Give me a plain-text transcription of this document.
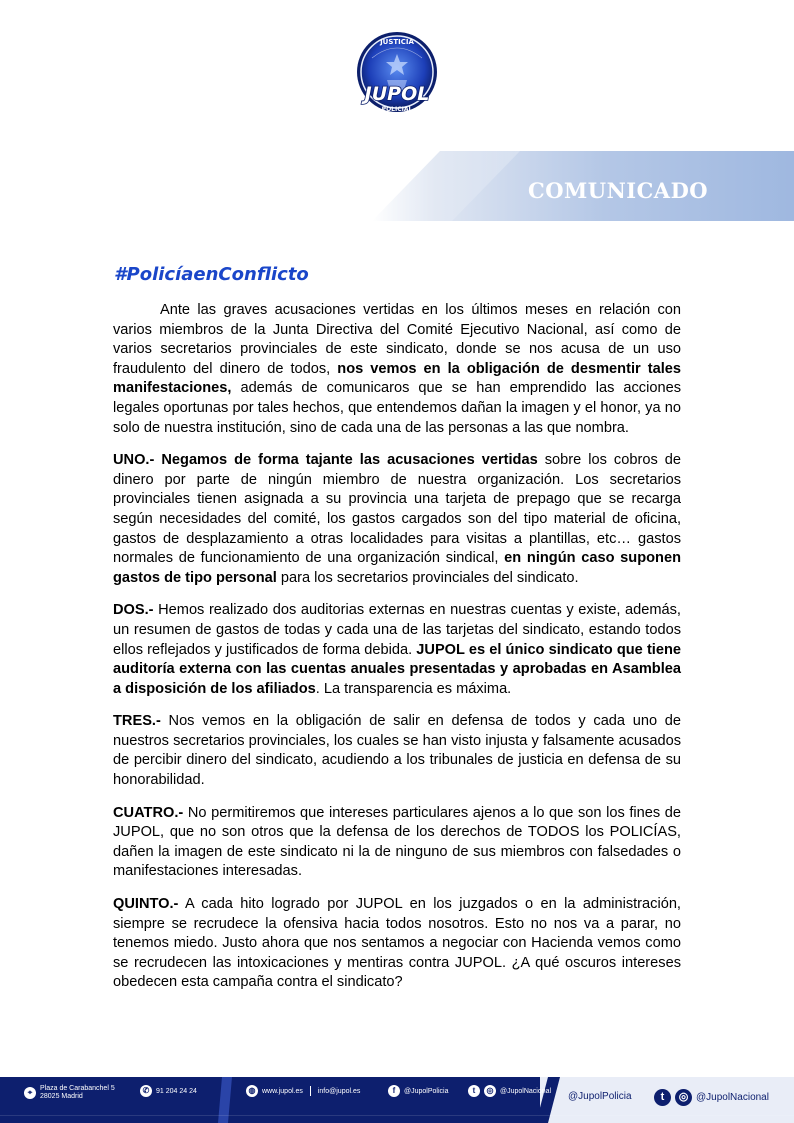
JUSTICIA
JUPOL
POLICIAL
COMUNICADO
#PolicíaenConflicto

Ante las graves acusaciones vertidas en los últimos meses en relación con varios miembros de la Junta Directiva del Comité Ejecutivo Nacional, así como de varios secretarios provinciales de este sindicato, donde se nos acusa de un uso fraudulento del dinero de todos, nos vemos en la obligación de desmentir tales manifestaciones, además de comunicaros que se han emprendido las acciones legales oportunas por tales hechos, que entendemos dañan la imagen y el honor, ya no solo de nuestra institución, sino de cada una de las personas a las que nombra.

UNO.- Negamos de forma tajante las acusaciones vertidas sobre los cobros de dinero por parte de ningún miembro de nuestra organización. Los secretarios provinciales tienen asignada a su provincia una tarjeta de prepago que se recarga según necesidades del comité, los gastos cargados son del tipo material de oficina, gastos de desplazamiento a otras localidades para visitas a plantillas, etc… gastos normales de funcionamiento de una organización sindical, en ningún caso suponen gastos de tipo personal para los secretarios provinciales del sindicato.

DOS.- Hemos realizado dos auditorias externas en nuestras cuentas y existe, además, un resumen de gastos de todas y cada una de las tarjetas del sindicato, estando todos ellos reflejados y justificados de forma debida. JUPOL es el único sindicato que tiene auditoría externa con las cuentas anuales presentadas y aprobadas en Asamblea a disposición de los afiliados. La transparencia es máxima.

TRES.- Nos vemos en la obligación de salir en defensa de todos y cada uno de nuestros secretarios provinciales, los cuales se han visto injusta y falsamente acusados de percibir dinero del sindicato, acudiendo a los tribunales de justicia en defensa de su honorabilidad.

CUATRO.- No permitiremos que intereses particulares ajenos a lo que son los fines de JUPOL, que no son otros que la defensa de los derechos de TODOS los POLICÍAS, dañen la imagen de este sindicato ni la de ninguno de sus miembros con falsedades o manifestaciones interesadas.

QUINTO.- A cada hito logrado por JUPOL en los juzgados o en la administración, siempre se recrudece la ofensiva hacia todos nosotros. Esto no nos va a parar, no tenemos miedo. Justo ahora que nos sentamos a negociar con Hacienda vemos como se recrudecen las intoxicaciones y mentiras contra JUPOL. ¿A qué oscuros intereses obedecen esta campaña contra el sindicato?

⌖	Plaza de Carabanchel 5
28025 Madrid
✆ 91 204 24 24	◍ www.jupol.es info@jupol.es	f	@JupolPolicia	t	◎ @JupolNacional @JupolPolicia	t	◎ @JupolNacional
